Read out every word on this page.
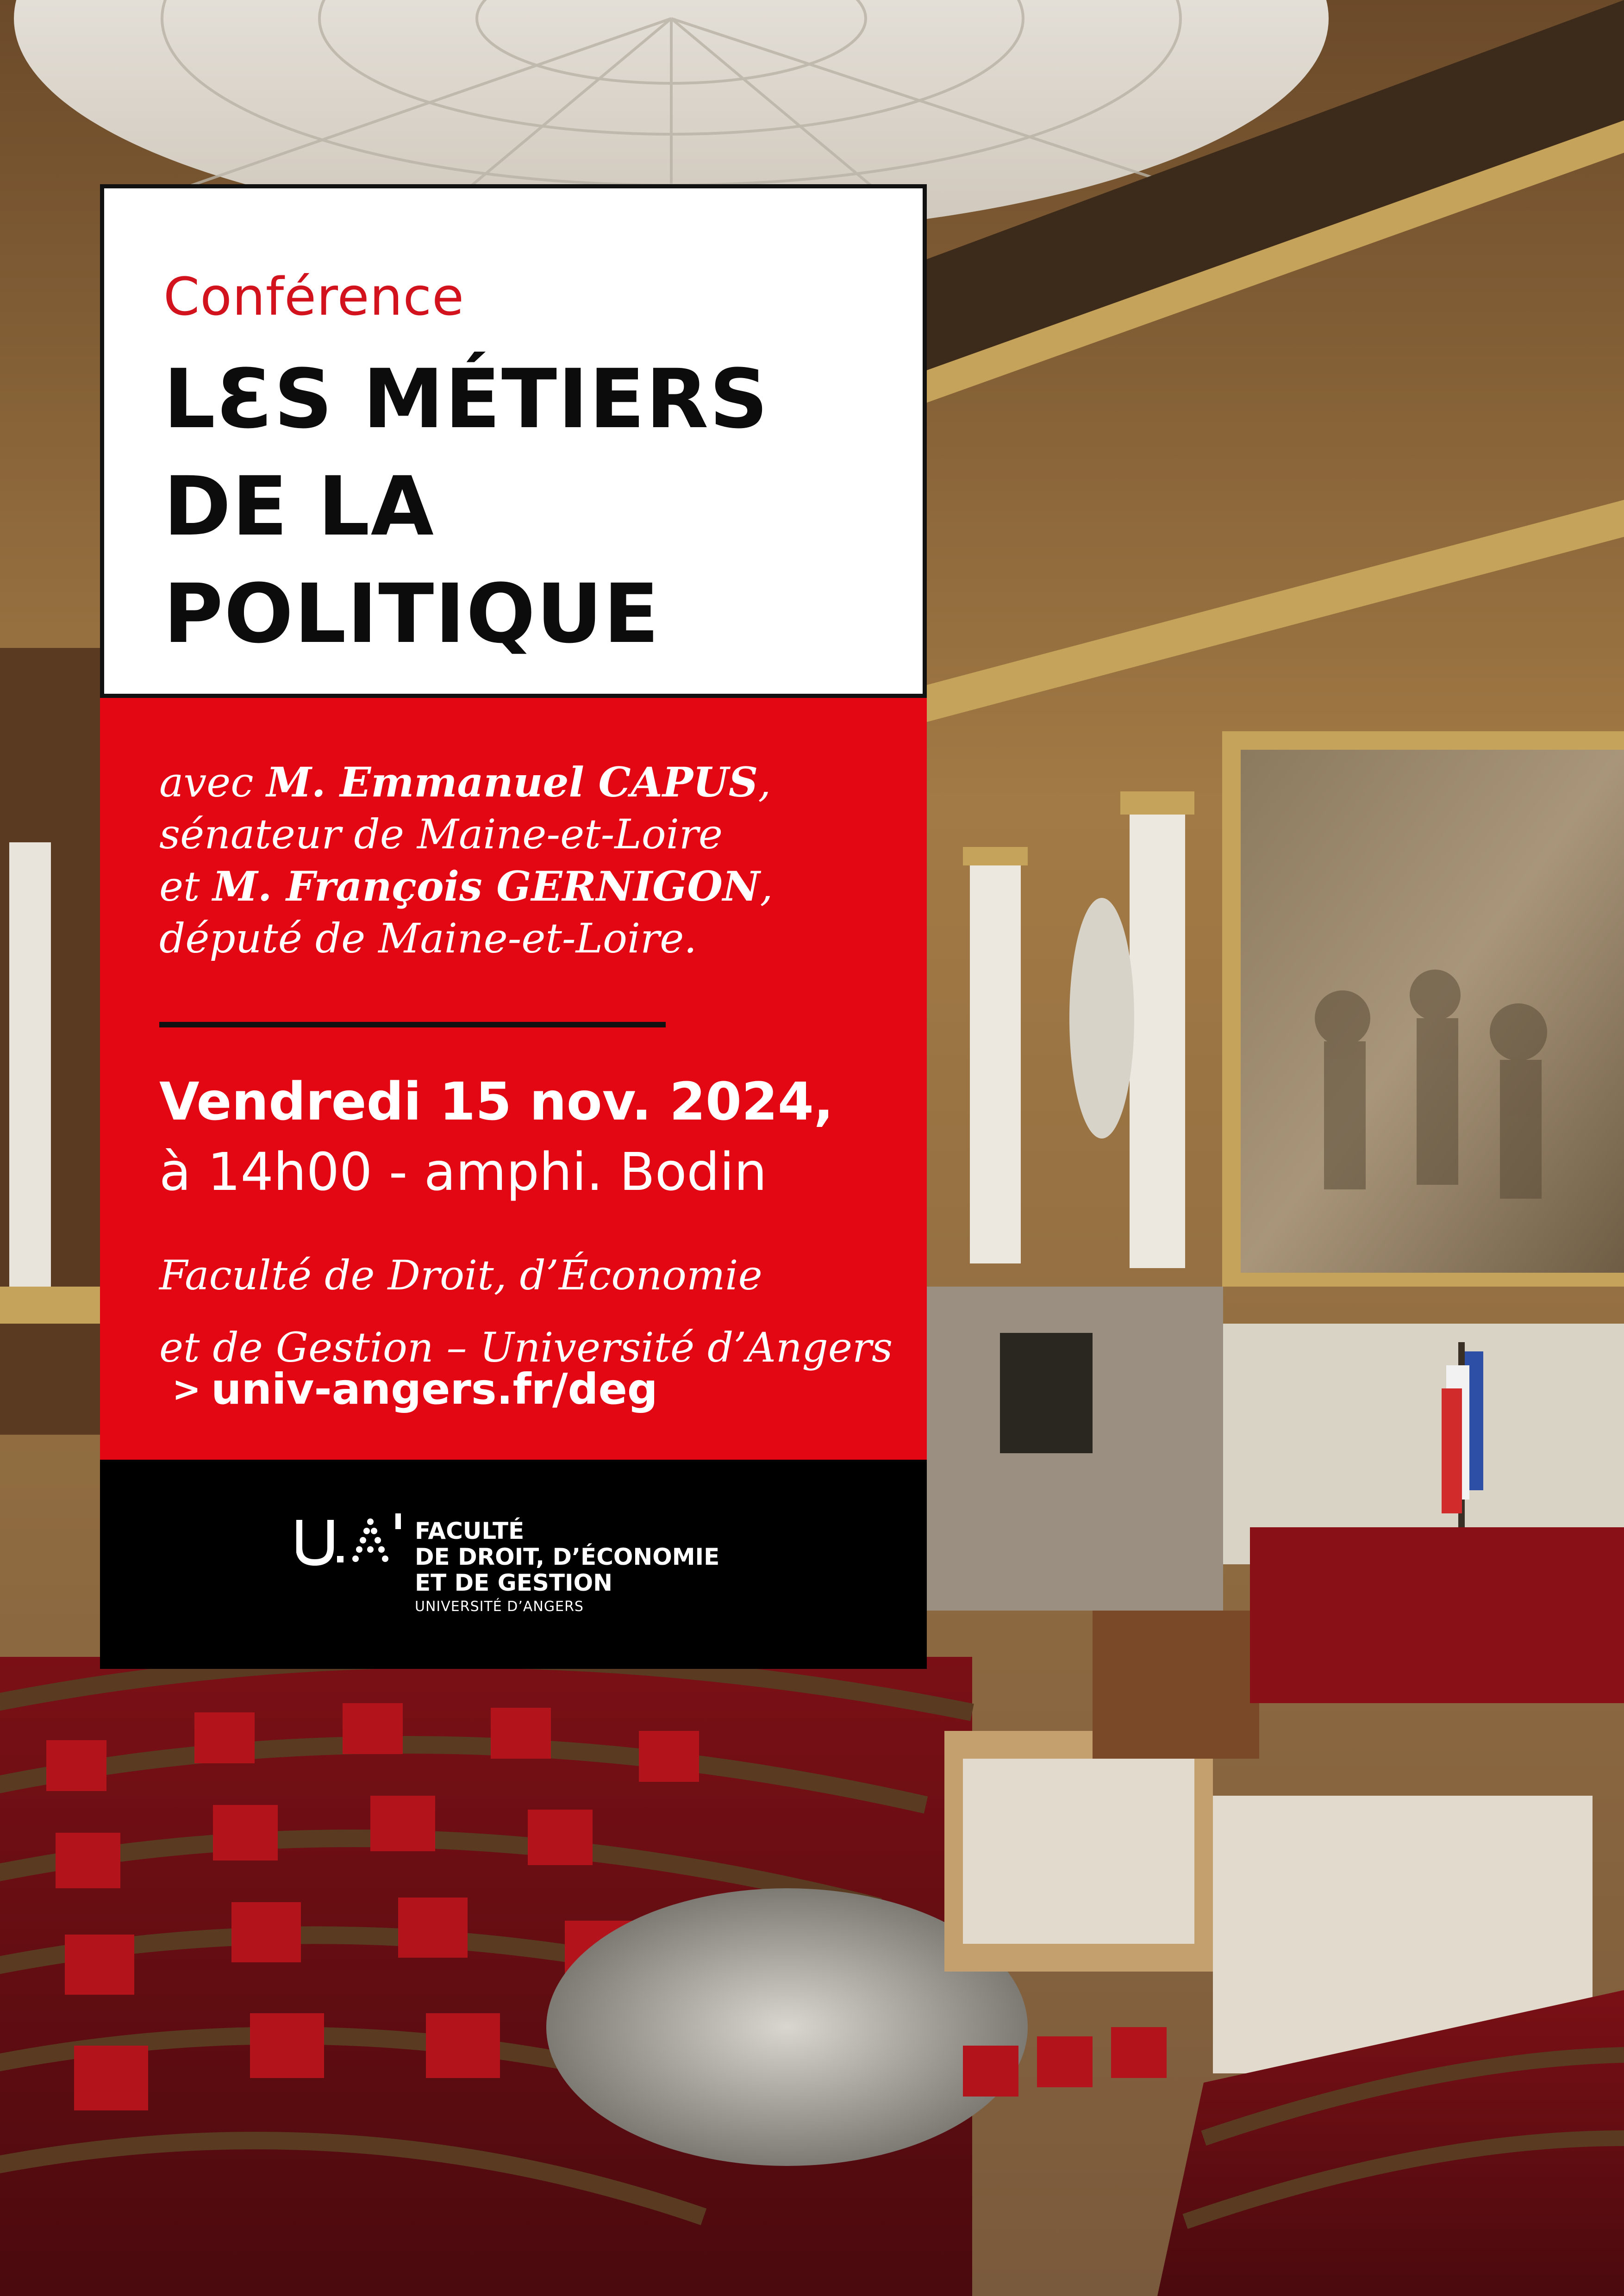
Conférence
LƐS MÉTIERS
DE LA
POLITIQUE
avec M. Emmanuel CAPUS,
sénateur de Maine-et-Loire
et M. François GERNIGON,
député de Maine-et-Loire.
Vendredi 15 nov. 2024,
à 14h00 - amphi. Bodin
Faculté de Droit, d’Économie
et de Gestion – Université d’Angers
> univ-angers.fr/deg
FACULTÉ
DE DROIT, D’ÉCONOMIE
ET DE GESTION
UNIVERSITÉ D’ANGERS
